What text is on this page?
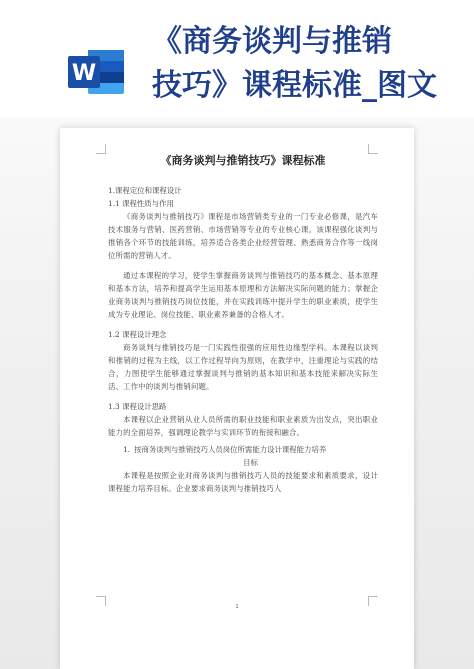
W
《商务谈判与推销
技巧》课程标准_图文
《商务谈判与推销技巧》课程标准

1.课程定位和课程设计

1.1 课程性质与作用

《商务谈判与推销技巧》课程是市场营销类专业的一门专业必修课，是汽车技术服务与营销、医药营销、市场营销等专业的专业核心课。该课程强化谈判与推销各个环节的技能训练，培养适合各类企业经营管理、熟悉商务合作等一线岗位所需的营销人才。

通过本课程的学习，使学生掌握商务谈判与推销技巧的基本概念、基本原理和基本方法，培养和提高学生运用基本原理和方法解决实际问题的能力；掌握企业商务谈判与推销技巧岗位技能，并在实践训练中提升学生的职业素质，使学生成为专业理论、岗位技能、职业素养兼备的合格人才。

1.2 课程设计理念

商务谈判与推销技巧是一门实践性很强的应用性边缘型学科。本课程以谈判和推销的过程为主线，以工作过程导向为原则，在教学中，注重理论与实践的结合，力图使学生能够通过掌握谈判与推销的基本知识和基本技能来解决实际生活、工作中的谈判与推销问题。

1.3 课程设计思路

本课程以企业营销从业人员所需的职业技能和职业素质为出发点，突出职业能力的全面培养，强调理论教学与实训环节的衔接和融合。

1. 按商务谈判与推销技巧人员岗位所需能力设计课程能力培养
目标

本课程是按照企业对商务谈判与推销技巧人员的技能要求和素质要求，设计课程能力培养目标。企业要求商务谈判与推销技巧人

1
